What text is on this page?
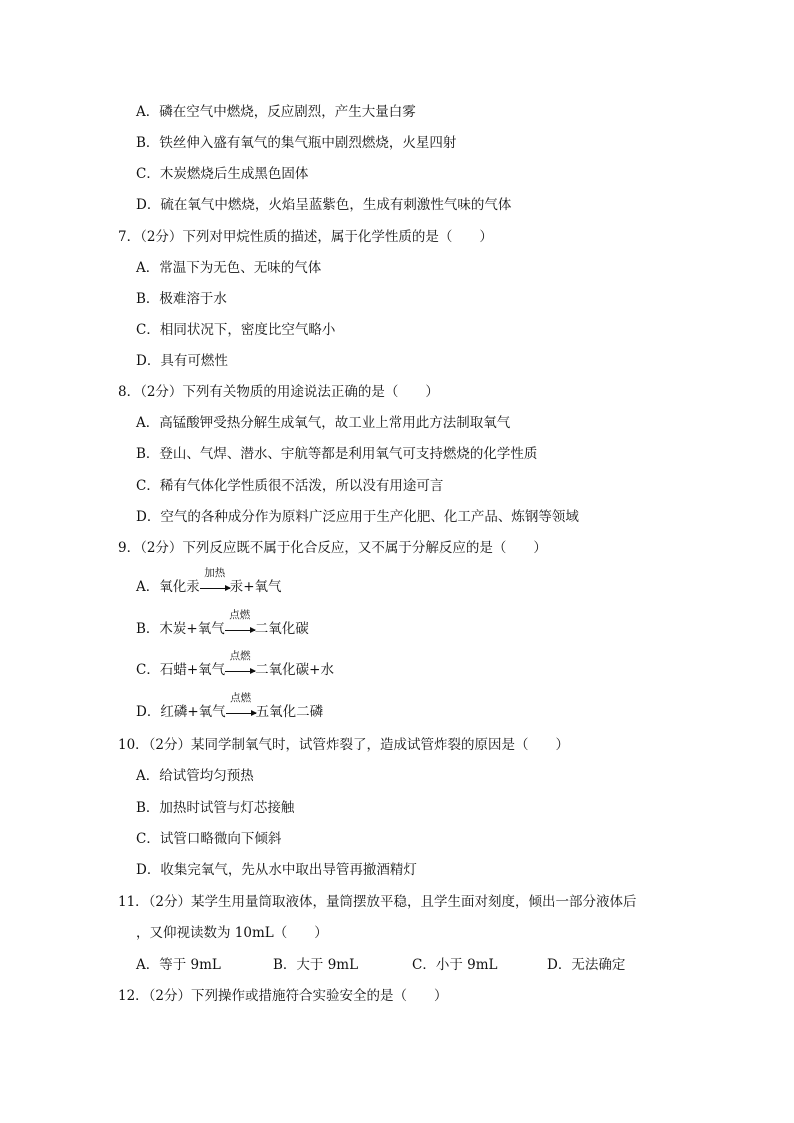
A．磷在空气中燃烧，反应剧烈，产生大量白雾
B．铁丝伸入盛有氧气的集气瓶中剧烈燃烧，火星四射
C．木炭燃烧后生成黑色固体
D．硫在氧气中燃烧，火焰呈蓝紫色，生成有刺激性气味的气体
7．（2分）下列对甲烷性质的描述，属于化学性质的是（　　）
A．常温下为无色、无味的气体
B．极难溶于水
C．相同状况下，密度比空气略小
D．具有可燃性
8．（2分）下列有关物质的用途说法正确的是（　　）
A．高锰酸钾受热分解生成氧气，故工业上常用此方法制取氧气
B．登山、气焊、潜水、宇航等都是利用氧气可支持燃烧的化学性质
C．稀有气体化学性质很不活泼，所以没有用途可言
D．空气的各种成分作为原料广泛应用于生产化肥、化工产品、炼钢等领域
9．（2分）下列反应既不属于化合反应，又不属于分解反应的是（　　）
A．氧化汞
加热
汞+氧气
B．木炭+氧气
点燃
二氧化碳
C．石蜡+氧气
点燃
二氧化碳+水
D．红磷+氧气
点燃
五氧化二磷
10．（2分）某同学制氧气时，试管炸裂了，造成试管炸裂的原因是（　　）
A．给试管均匀预热
B．加热时试管与灯芯接触
C．试管口略微向下倾斜
D．收集完氧气，先从水中取出导管再撤酒精灯
11．（2分）某学生用量筒取液体，量筒摆放平稳，且学生面对刻度，倾出一部分液体后
，又仰视读数为 10mL（　　）
A．等于 9mL	B．大于 9mL	C．小于 9mL	D．无法确定
12．（2分）下列操作或措施符合实验安全的是（　　）
